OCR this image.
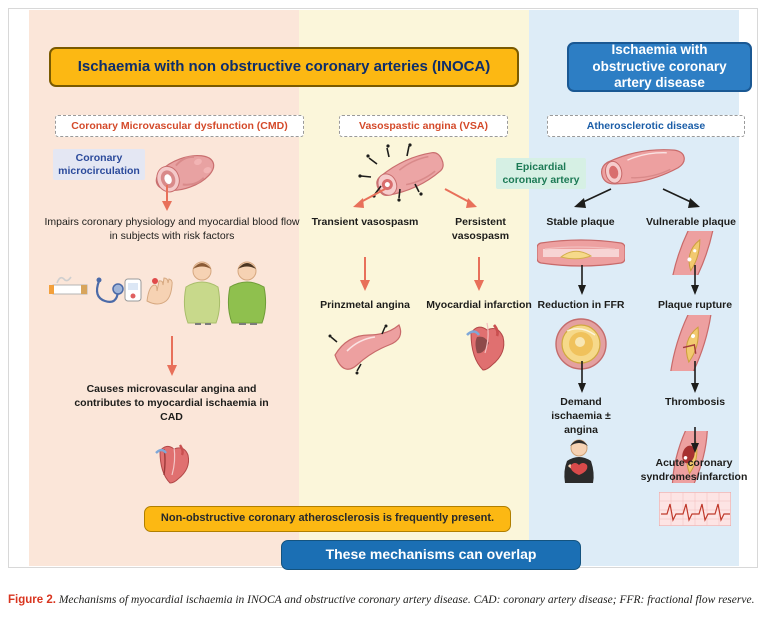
Ischaemia with non obstructive coronary arteries (INOCA)
Ischaemia with obstructive coronary artery disease
Non-obstructive coronary atherosclerosis is frequently present.
These mechanisms can overlap
Coronary Microvascular dysfunction (CMD)	Vasospastic angina (VSA)	Atherosclerotic disease
Coronary microcirculation	Epicardial coronary artery
Impairs coronary physiology and myocardial blood flow in subjects with risk factors
Causes microvascular angina and contributes to myocardial ischaemia in CAD
Transient vasospasm	Persistent vasospasm
Prinzmetal angina	Myocardial infarction
Stable plaque	Vulnerable plaque
Reduction in FFR	Plaque rupture
Demand ischaemia ± angina
Thrombosis
Acute coronary syndromes/infarction
Figure 2. Mechanisms of myocardial ischaemia in INOCA and obstructive coronary artery disease. CAD: coronary artery disease; FFR: fractional flow reserve.
